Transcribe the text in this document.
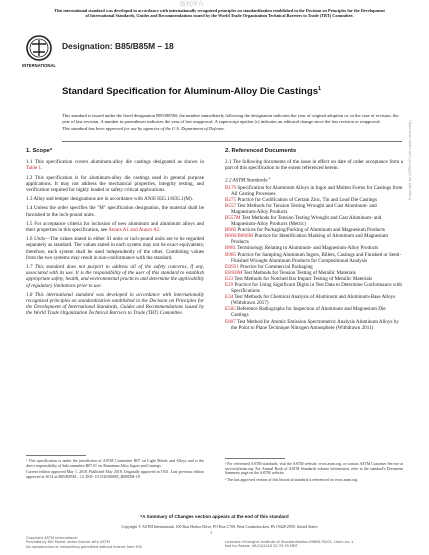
This international standard was developed in accordance with internationally recognized principles on standardization established in the Decision on Principles for the Development of International Standards, Guides and Recommendations issued by the World Trade Organization Technical Barriers to Trade (TBT) Committee.
版权所有
INTERNATIONAL
Designation: B85/B85M – 18
Standard Specification for Aluminum-Alloy Die Castings$^1$

This standard is issued under the fixed designation B85/B85M; the number immediately following the designation indicates the year of original adoption or, in the case of revision, the year of last revision. A number in parentheses indicates the year of last reapproval. A superscript epsilon (ε) indicates an editorial change since the last revision or reapproval.

This standard has been approved for use by agencies of the U.S. Department of Defense.	Copyright by ASTM Int'l (all rights reserved);
1. Scope*

1.1 This specification covers aluminum-alloy die castings designated as shown in Table 1.

1.2 This specification is for aluminum-alloy die castings used in general purpose applications. It may not address the mechanical properties, integrity testing, and verification required for highly loaded or safety critical applications.

1.3 Alloy and temper designations are in accordance with ANSI H35.1/H35.1(M).

1.4 Unless the order specifies the "M" specification designation, the material shall be furnished to the inch-pound units.

1.5 For acceptance criteria for inclusion of new aluminum and aluminum alloys and their properties in this specification, see Annex A1 and Annex A2.

1.6 Units—The values stated in either SI units or inch-pound units are to be regarded separately as standard. The values stated in each system may not be exact equivalents; therefore, each system shall be used independently of the other. Combining values from the two systems may result in non-conformance with the standard.

1.7 This standard does not purport to address all of the safety concerns, if any, associated with its use. It is the responsibility of the user of this standard to establish appropriate safety, health, and environmental practices and determine the applicability of regulatory limitations prior to use.

1.8 This international standard was developed in accordance with internationally recognized principles on standardization established in the Decision on Principles for the Development of International Standards, Guides and Recommendations issued by the World Trade Organization Technical Barriers to Trade (TBT) Committee.

¹ This specification is under the jurisdiction of ASTM Committee B07 on Light Metals and Alloys and is the direct responsibility of Subcommittee B07.01 on Aluminum Alloy Ingots and Castings.

Current edition approved May 1, 2018. Published May 2018. Originally approved in 1931. Last previous edition approved in 2014 as B85/B85M – 14. DOI: 10.1520/B0085_B0085M-18.

2. Referenced Documents

2.1 The following documents of the issue in effect on date of order acceptance form a part of this specification to the extent referenced herein.

2.2 ASTM Standards:$^2$

B179 Specification for Aluminum Alloys in Ingot and Molten Forms for Castings from All Casting Processes
B275 Practice for Codification of Certain Zinc, Tin and Lead Die Castings
B557 Test Methods for Tension Testing Wrought and Cast Aluminum- and Magnesium-Alloy Products
B557M Test Methods for Tension Testing Wrought and Cast Aluminum- and Magnesium-Alloy Products (Metric)
B660 Practices for Packaging/Packing of Aluminum and Magnesium Products
B666/B666M Practice for Identification Marking of Aluminum and Magnesium Products
B881 Terminology Relating to Aluminum- and Magnesium-Alloy Products
B985 Practice for Sampling Aluminum Ingots, Billets, Castings and Finished or Semi-Finished Wrought Aluminum Products for Compositional Analysis
D3951 Practice for Commercial Packaging
E8/E8M Test Methods for Tension Testing of Metallic Materials
E23 Test Methods for Notched Bar Impact Testing of Metallic Materials
E29 Practice for Using Significant Digits in Test Data to Determine Conformance with Specifications
E34 Test Methods for Chemical Analysis of Aluminum and Aluminum-Base Alloys (Withdrawn 2017)
E505 Reference Radiographs for Inspection of Aluminum and Magnesium Die Castings
E607 Test Method for Atomic Emission Spectrometric Analysis Aluminum Alloys by the Point to Plane Technique Nitrogen Atmosphere (Withdrawn 2011)

² For referenced ASTM standards, visit the ASTM website, www.astm.org, or contact ASTM Customer Service at service@astm.org. For Annual Book of ASTM Standards volume information, refer to the standard's Document Summary page on the ASTM website.

³ The last approved version of this historical standard is referenced on www.astm.org.

*A Summary of Changes section appears at the end of this standard
Copyright © ASTM International, 100 Barr Harbor Drive, PO Box C700, West Conshohocken, PA 19428-2959. United States
1
Copyright ASTM International
Provided by IHS Markit under license with ASTM
No reproduction or networking permitted without license from IHS
Licensee=Shanghai Institute of Standardization/5968170001, User=xx, x
Not for Resale, 06/20/2018 02:33:35 MDT
